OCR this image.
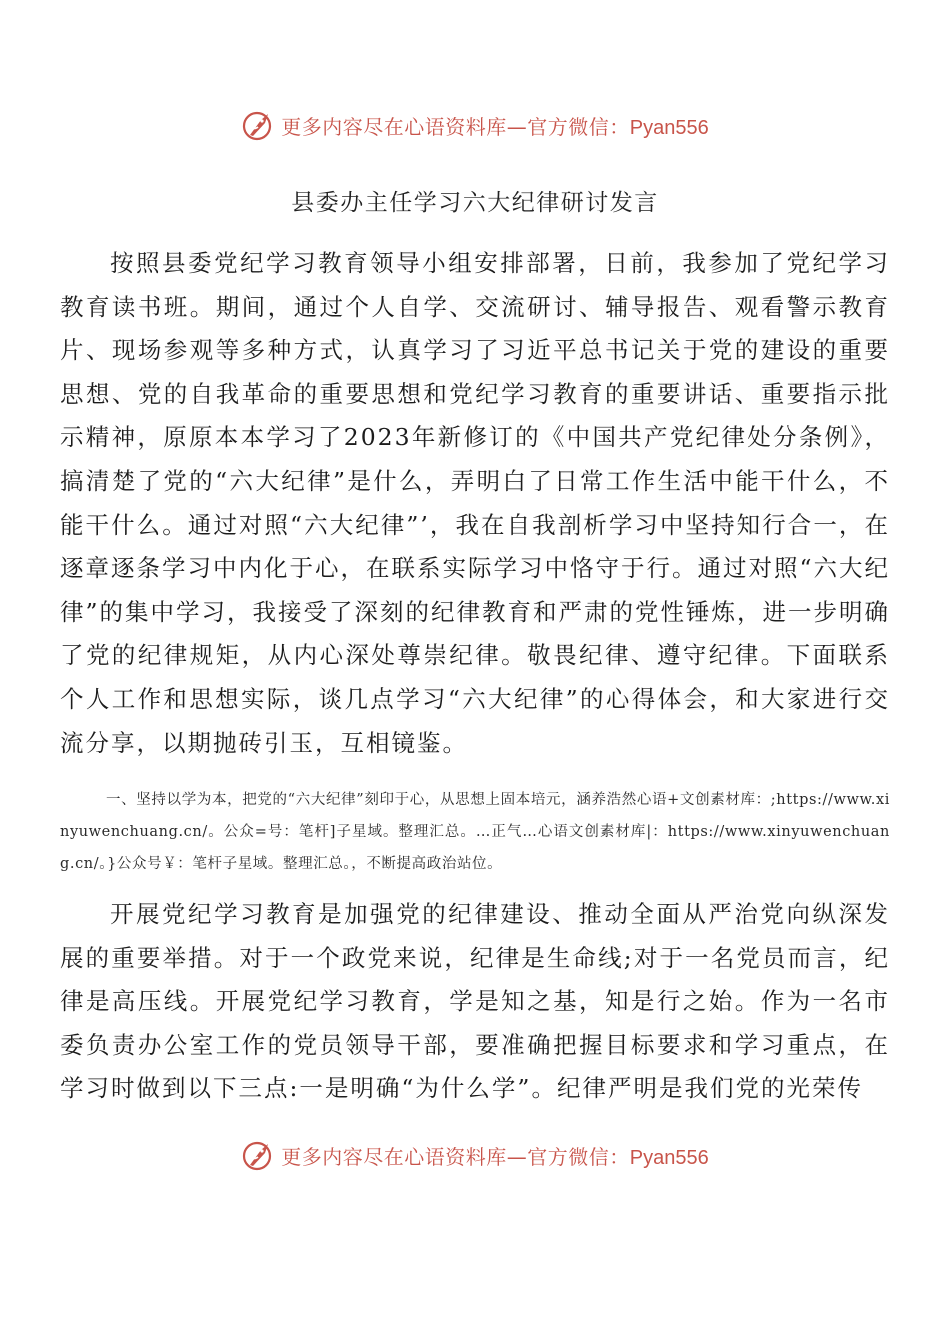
更多内容尽在心语资料库—官方微信：Pyan556
县委办主任学习六大纪律研讨发言

按照县委党纪学习教育领导小组安排部署，日前，我参加了党纪学习教育读书班。期间，通过个人自学、交流研讨、辅导报告、观看警示教育片、现场参观等多种方式，认真学习了习近平总书记关于党的建设的重要思想、党的自我革命的重要思想和党纪学习教育的重要讲话、重要指示批示精神，原原本本学习了2023年新修订的《中国共产党纪律处分条例》，搞清楚了党的“六大纪律”是什么，弄明白了日常工作生活中能干什么，不能干什么。通过对照“六大纪律”’，我在自我剖析学习中坚持知行合一，在逐章逐条学习中内化于心，在联系实际学习中恪守于行。通过对照“六大纪律”的集中学习，我接受了深刻的纪律教育和严肃的党性锤炼，进一步明确了党的纪律规矩，从内心深处尊崇纪律。敬畏纪律、遵守纪律。下面联系个人工作和思想实际，谈几点学习“六大纪律”的心得体会，和大家进行交流分享，以期抛砖引玉，互相镜鉴。

一、坚持以学为本，把党的“六大纪律”刻印于心，从思想上固本培元，涵养浩然心语+文创素材库：;https://www.xinyuwenchuang.cn/。公众=号：笔杆]子星域。整理汇总。…正气…心语文创素材库|：https://www.xinyuwenchuang.cn/。}公众号￥：笔杆子星域。整理汇总。，不断提高政治站位。

开展党纪学习教育是加强党的纪律建设、推动全面从严治党向纵深发展的重要举措。对于一个政党来说，纪律是生命线;对于一名党员而言，纪律是高压线。开展党纪学习教育，学是知之基，知是行之始。作为一名市委负责办公室工作的党员领导干部，要准确把握目标要求和学习重点，在学习时做到以下三点:一是明确“为什么学”。纪律严明是我们党的光荣传

更多内容尽在心语资料库—官方微信：Pyan556
